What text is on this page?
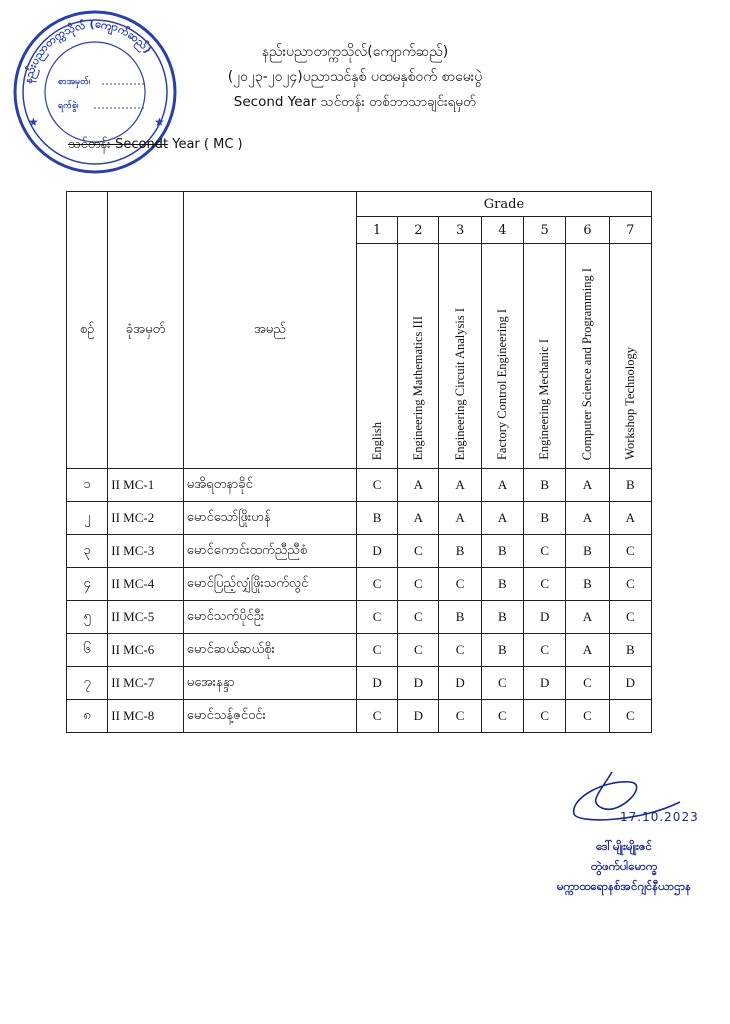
နည်းပညာတက္ကသိုလ် (ကျောက်ဆည်)
စာအမှတ်၊
ရက်စွဲ၊
★	★
နည်းပညာတက္ကသိုလ်(ကျောက်ဆည်)
(၂၀၂၃-၂၀၂၄)ပညာသင်နှစ် ပထမနှစ်ဝက် စာမေးပွဲ
Second Year သင်တန်း တစ်ဘာသာချင်းရမှတ်
သင်တန်း-Secondt Year ( MC )
စဥ်	ခုံအမှတ်	အမည်	Grade						
			1	2	3	4	5	6	7
			English	Engineering Mathematics III	Engineering Circuit Analysis I	Factory Control Engineering I	Engineering Mechanic I	Computer Science and Programming I	Workshop Technology
၁	II MC-1	မအိရတနာခိုင်	C	A	A	A	B	A	B
၂	II MC-2	မောင်သော်ဖြိုးဟန်	B	A	A	A	B	A	A
၃	II MC-3	မောင်ကောင်းထက်ညီညီစံ	D	C	B	B	C	B	C
၄	II MC-4	မောင်ပြည့်လျှံဖြိုးသက်လွင်	C	C	C	B	C	B	C
၅	II MC-5	မောင်သက်ပိုင်ဦး	C	C	B	B	D	A	C
၆	II MC-6	မောင်ဆယ်ဆယ်စိုး	C	C	C	B	C	A	B
၇	II MC-7	မအေးနန္ဒာ	D	D	D	C	D	C	D
၈	II MC-8	မောင်သန့်ဇင်ဝင်း	C	D	C	C	C	C	C
17.10.2023
ဒေါ်မျိုးမျိုးဇင်
တွဲဖက်ပါမောက္ခ
မက္ကာထရောနစ်အင်ဂျင်နီယာဌာန
